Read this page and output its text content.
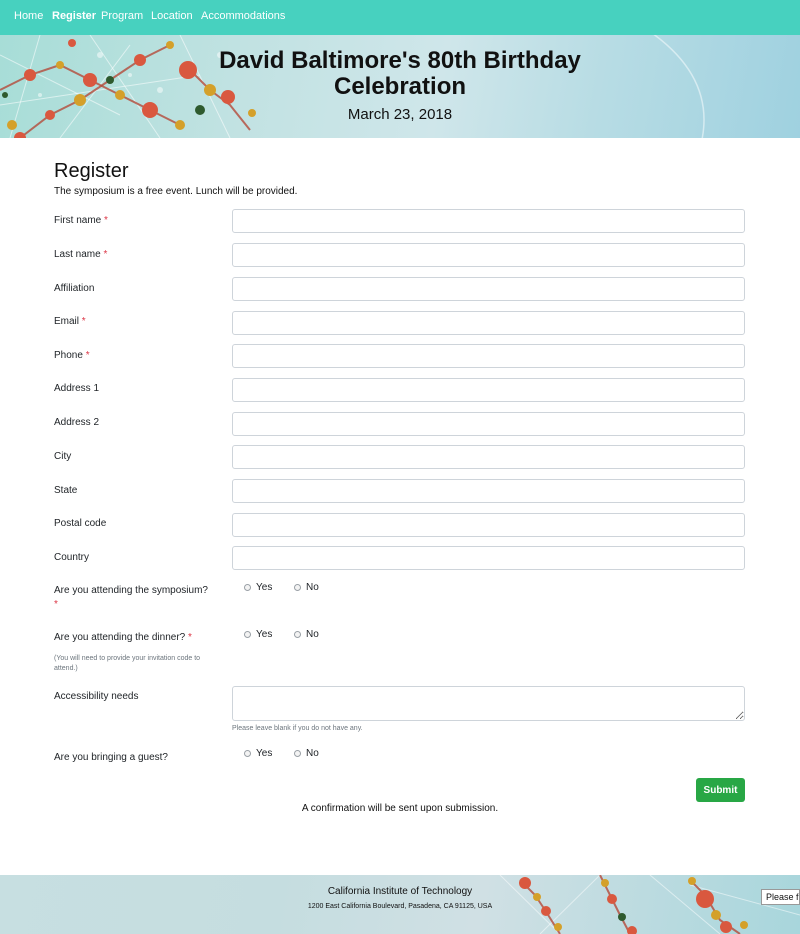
Home Register Program Location Accommodations
David Baltimore's 80th Birthday Celebration
March 23, 2018
Register

The symposium is a free event. Lunch will be provided.

First name *
Last name *
Affiliation
Email *
Phone *
Address 1
Address 2
City
State
Postal code
Country
Are you attending the symposium? *
Yes	No
Are you attending the dinner? *
(You will need to provide your invitation code to attend.)
Yes	No
Accessibility needs
Please leave blank if you do not have any.
Are you bringing a guest?	Yes	No
Submit
A confirmation will be sent upon submission.
California Institute of Technology
1200 East California Boulevard, Pasadena, CA 91125, USA
Please f
